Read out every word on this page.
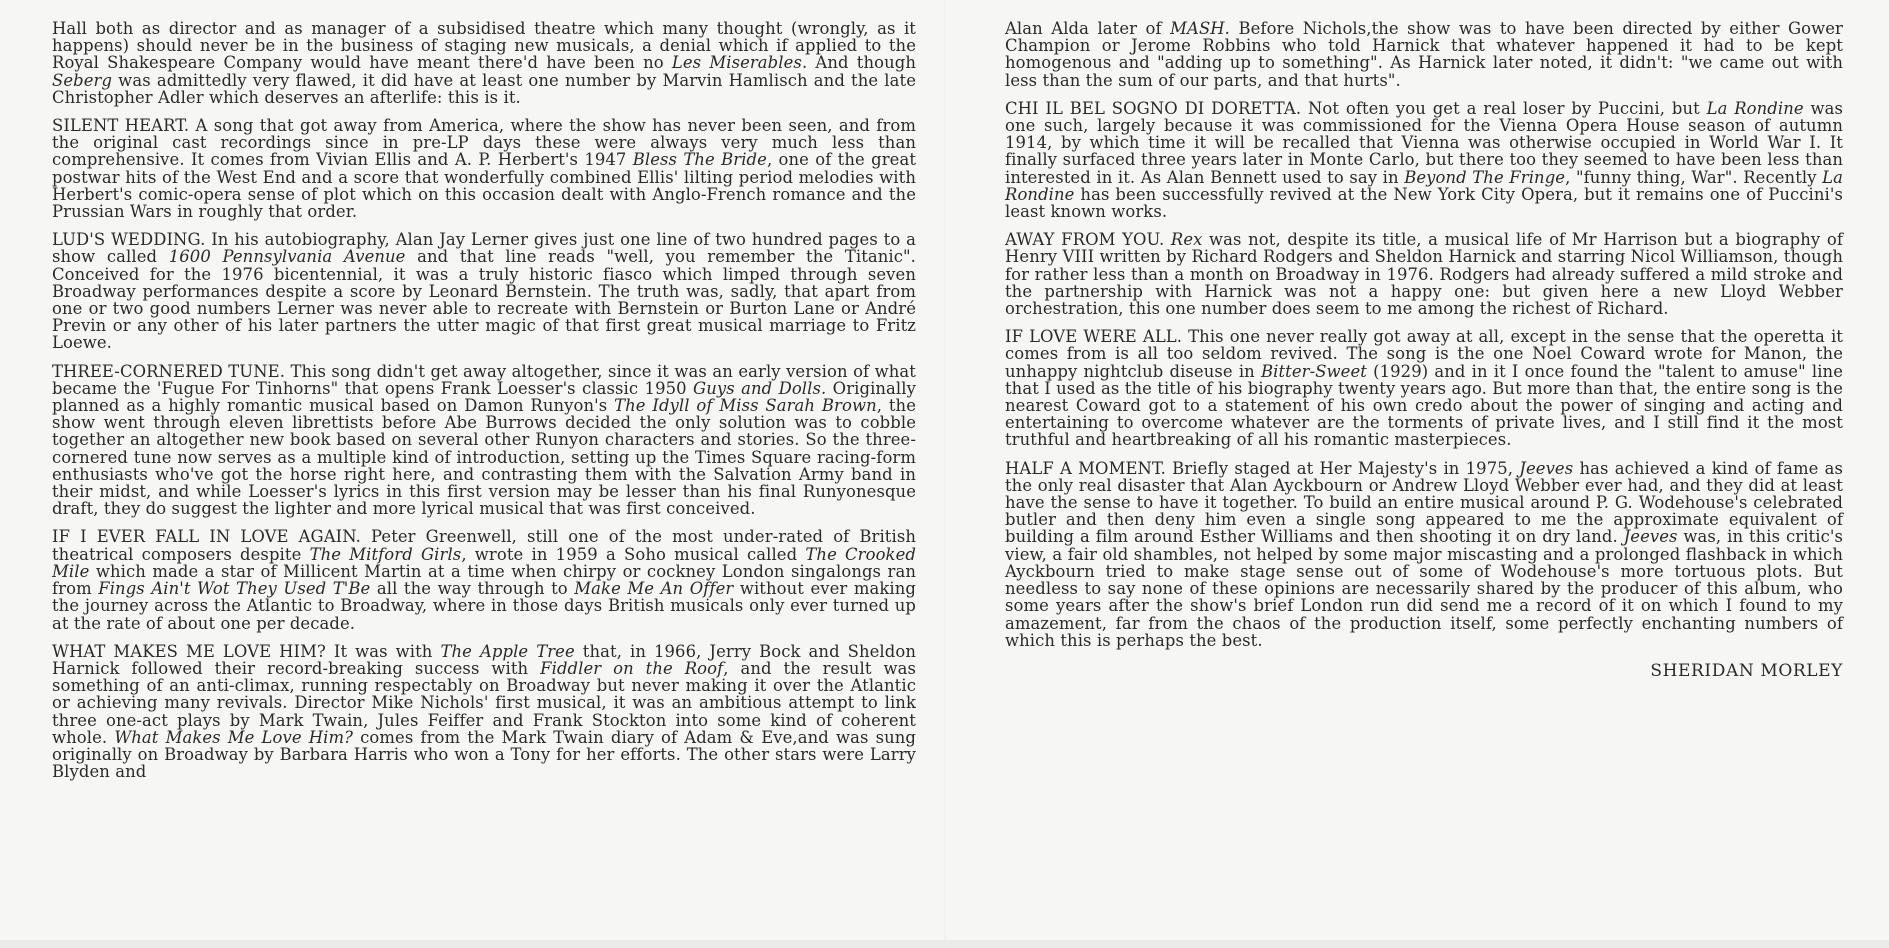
Hall both as director and as manager of a subsidised theatre which many thought (wrongly, as it happens) should never be in the business of staging new musicals, a denial which if applied to the Royal Shakespeare Company would have meant there'd have been no Les Miserables. And though Seberg was admittedly very flawed, it did have at least one number by Marvin Hamlisch and the late Christopher Adler which deserves an afterlife: this is it.

SILENT HEART. A song that got away from America, where the show has never been seen, and from the original cast recordings since in pre-LP days these were always very much less than comprehensive. It comes from Vivian Ellis and A. P. Herbert's 1947 Bless The Bride, one of the great postwar hits of the West End and a score that wonderfully combined Ellis' lilting period melodies with Herbert's comic-opera sense of plot which on this occasion dealt with Anglo-French romance and the Prussian Wars in roughly that order.

LUD'S WEDDING. In his autobiography, Alan Jay Lerner gives just one line of two hundred pages to a show called 1600 Pennsylvania Avenue and that line reads "well, you remember the Titanic". Conceived for the 1976 bicentennial, it was a truly historic fiasco which limped through seven Broadway performances despite a score by Leonard Bernstein. The truth was, sadly, that apart from one or two good numbers Lerner was never able to recreate with Bernstein or Burton Lane or André Previn or any other of his later partners the utter magic of that first great musical marriage to Fritz Loewe.

THREE-CORNERED TUNE. This song didn't get away altogether, since it was an early version of what became the 'Fugue For Tinhorns" that opens Frank Loesser's classic 1950 Guys and Dolls. Originally planned as a highly romantic musical based on Damon Runyon's The Idyll of Miss Sarah Brown, the show went through eleven librettists before Abe Burrows decided the only solution was to cobble together an altogether new book based on several other Runyon characters and stories. So the three-cornered tune now serves as a multiple kind of introduction, setting up the Times Square racing-form enthusiasts who've got the horse right here, and contrasting them with the Salvation Army band in their midst, and while Loesser's lyrics in this first version may be lesser than his final Runyonesque draft, they do suggest the lighter and more lyrical musical that was first conceived.

IF I EVER FALL IN LOVE AGAIN. Peter Greenwell, still one of the most under-rated of British theatrical composers despite The Mitford Girls, wrote in 1959 a Soho musical called The Crooked Mile which made a star of Millicent Martin at a time when chirpy or cockney London singalongs ran from Fings Ain't Wot They Used T'Be all the way through to Make Me An Offer without ever making the journey across the Atlantic to Broadway, where in those days British musicals only ever turned up at the rate of about one per decade.

WHAT MAKES ME LOVE HIM? It was with The Apple Tree that, in 1966, Jerry Bock and Sheldon Harnick followed their record-breaking success with Fiddler on the Roof, and the result was something of an anti-climax, running respectably on Broadway but never making it over the Atlantic or achieving many revivals. Director Mike Nichols' first musical, it was an ambitious attempt to link three one-act plays by Mark Twain, Jules Feiffer and Frank Stockton into some kind of coherent whole. What Makes Me Love Him? comes from the Mark Twain diary of Adam & Eve,and was sung originally on Broadway by Barbara Harris who won a Tony for her efforts. The other stars were Larry Blyden and

Alan Alda later of MASH. Before Nichols,the show was to have been directed by either Gower Champion or Jerome Robbins who told Harnick that whatever happened it had to be kept homogenous and "adding up to something". As Harnick later noted, it didn't: "we came out with less than the sum of our parts, and that hurts".

CHI IL BEL SOGNO DI DORETTA. Not often you get a real loser by Puccini, but La Rondine was one such, largely because it was commissioned for the Vienna Opera House season of autumn 1914, by which time it will be recalled that Vienna was otherwise occupied in World War I. It finally surfaced three years later in Monte Carlo, but there too they seemed to have been less than interested in it. As Alan Bennett used to say in Beyond The Fringe, "funny thing, War". Recently La Rondine has been successfully revived at the New York City Opera, but it remains one of Puccini's least known works.

AWAY FROM YOU. Rex was not, despite its title, a musical life of Mr Harrison but a biography of Henry VIII written by Richard Rodgers and Sheldon Harnick and starring Nicol Williamson, though for rather less than a month on Broadway in 1976. Rodgers had already suffered a mild stroke and the partnership with Harnick was not a happy one: but given here a new Lloyd Webber orchestration, this one number does seem to me among the richest of Richard.

IF LOVE WERE ALL. This one never really got away at all, except in the sense that the operetta it comes from is all too seldom revived. The song is the one Noel Coward wrote for Manon, the unhappy nightclub diseuse in Bitter-Sweet (1929) and in it I once found the "talent to amuse" line that I used as the title of his biography twenty years ago. But more than that, the entire song is the nearest Coward got to a statement of his own credo about the power of singing and acting and entertaining to overcome whatever are the torments of private lives, and I still find it the most truthful and heartbreaking of all his romantic masterpieces.

HALF A MOMENT. Briefly staged at Her Majesty's in 1975, Jeeves has achieved a kind of fame as the only real disaster that Alan Ayckbourn or Andrew Lloyd Webber ever had, and they did at least have the sense to have it together. To build an entire musical around P. G. Wodehouse's celebrated butler and then deny him even a single song appeared to me the approximate equivalent of building a film around Esther Williams and then shooting it on dry land. Jeeves was, in this critic's view, a fair old shambles, not helped by some major miscasting and a prolonged flashback in which Ayckbourn tried to make stage sense out of some of Wodehouse's more tortuous plots. But needless to say none of these opinions are necessarily shared by the producer of this album, who some years after the show's brief London run did send me a record of it on which I found to my amazement, far from the chaos of the production itself, some perfectly enchanting numbers of which this is perhaps the best.

SHERIDAN MORLEY
